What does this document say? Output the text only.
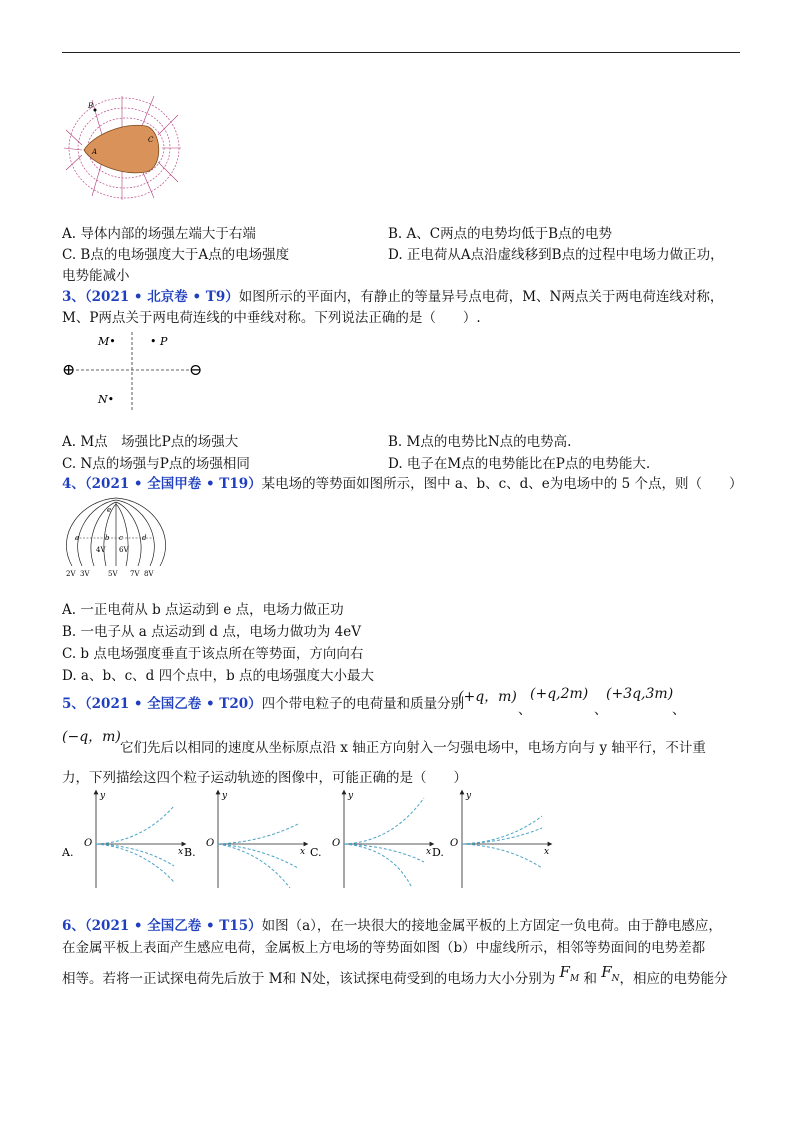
B
A
C
A. 导体内部的场强左端大于右端	B. A、C两点的电势均低于B点的电势
C. B点的电场强度大于A点的电场强度	D. 正电荷从A点沿虚线移到B点的过程中电场力做正功，
电势能减小
3、（2021 • 北京卷 • T9）如图所示的平面内，有静止的等量异号点电荷，M、N两点关于两电荷连线对称，
M、P两点关于两电荷连线的中垂线对称。下列说法正确的是（　　）.
⊕	⊖
M•	• P
N•
A. M点　场强比P点的场强大	B. M点的电势比N点的电势高.
C. N点的场强与P点的场强相同	D. 电子在M点的电势能比在P点的电势能大.
4、（2021 • 全国甲卷 • T19）某电场的等势面如图所示，图中 a、b、c、d、e为电场中的 5 个点，则（　　）
e
a	b c	d
2V 3V
4V
5V
6V
7V 8V
A. 一正电荷从 b 点运动到 e 点，电场力做正功
B. 一电子从 a 点运动到 d 点，电场力做功为 4eV
C. b 点电场强度垂直于该点所在等势面，方向向右
D. a、b、c、d 四个点中，b 点的电场强度大小最大
5、（2021 • 全国乙卷 • T20）四个带电粒子的电荷量和质量分别
(+q，m)
、
(+q,2m)
、
(+3q,3m)
、
(−q，m)
它们先后以相同的速度从坐标原点沿 x 轴正方向射入一匀强电场中，电场方向与 y 轴平行，不计重
力，下列描绘这四个粒子运动轨迹的图像中，可能正确的是（　　）
A.
O
y
x B.
O
y
x C.
O
y
x D.
O
y
x
6、（2021 • 全国乙卷 • T15）如图（a），在一块很大的接地金属平板的上方固定一负电荷。由于静电感应，
在金属平板上表面产生感应电荷，金属板上方电场的等势面如图（b）中虚线所示，相邻等势面间的电势差都
相等。若将一正试探电荷先后放于 M和 N处，该试探电荷受到的电场力大小分别为 $F_M$ 和 $F_N$，相应的电势能分
